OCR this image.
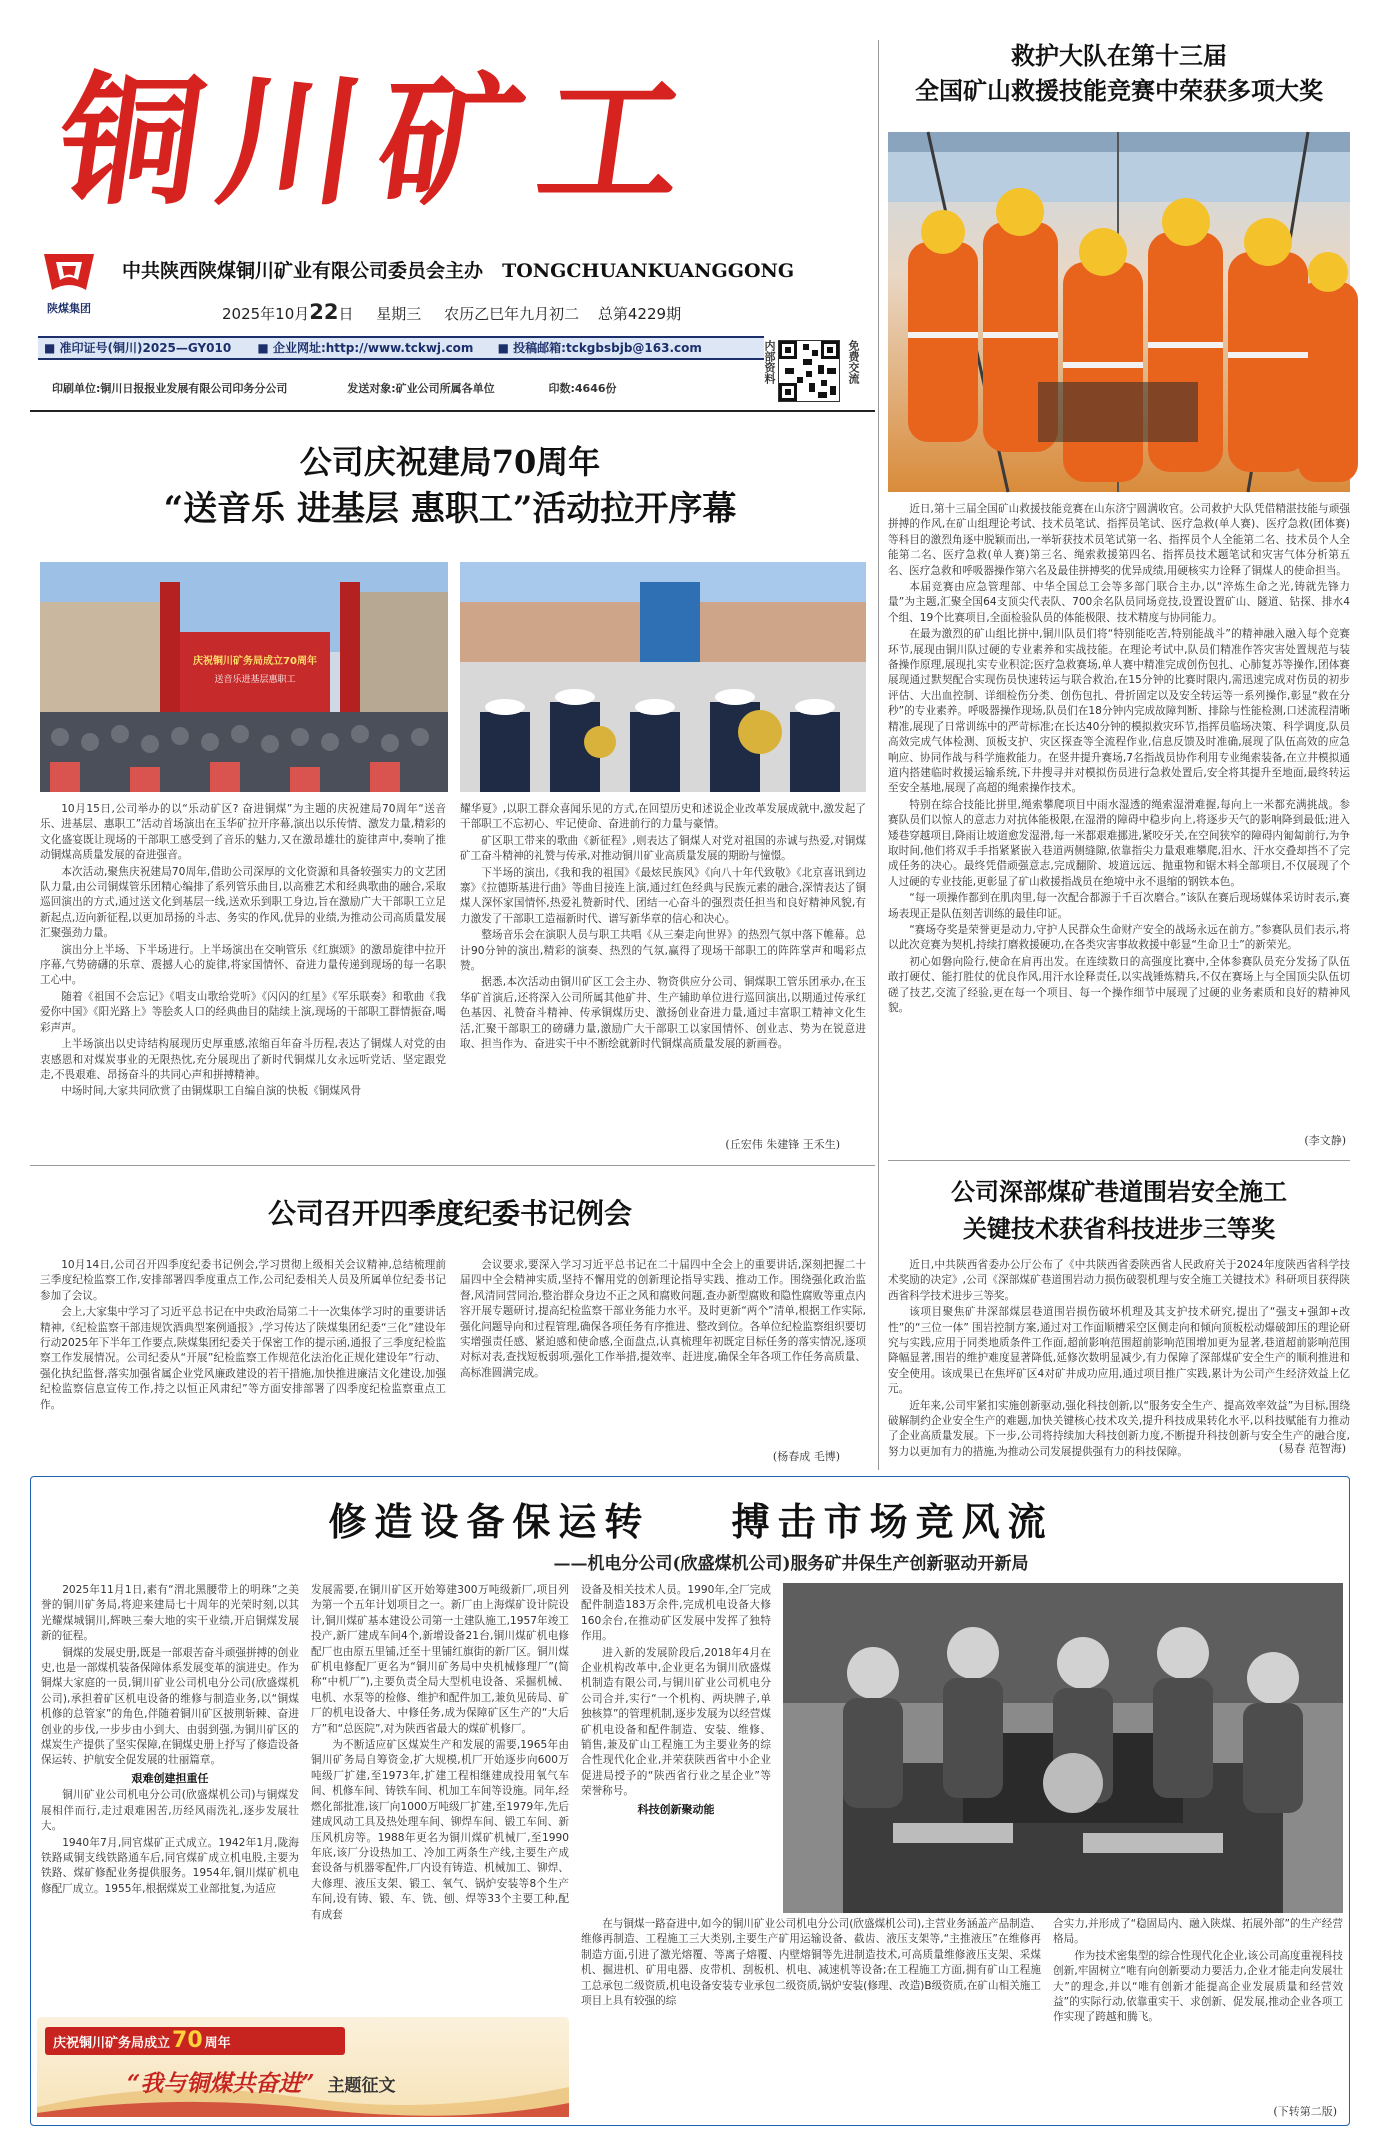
铜川矿工
陕煤集团
中共陕西陕煤铜川矿业有限公司委员会主办 TONGCHUANKUANGGONG
2025年10月22日 星期三 农历乙巳年九月初二 总第4229期
■ 准印证号(铜川)2025—GY010 ■ 企业网址:http://www.tckwj.com ■ 投稿邮箱:tckgbsbjb@163.com
印刷单位:铜川日报报业发展有限公司印务分公司	发送对象:矿业公司所属各单位	印数:4646份
内部资料	免费交流
救护大队在第十三届
全国矿山救援技能竞赛中荣获多项大奖

近日,第十三届全国矿山救援技能竞赛在山东济宁圆满收官。公司救护大队凭借精湛技能与顽强拼搏的作风,在矿山组理论考试、技术员笔试、指挥员笔试、医疗急救(单人赛)、医疗急救(团体赛)等科目的激烈角逐中脱颖而出,一举斩获技术员笔试第一名、指挥员个人全能第二名、技术员个人全能第二名、医疗急救(单人赛)第三名、绳索救援第四名、指挥员技术题笔试和灾害气体分析第五名、医疗急救和呼吸器操作第六名及最佳拼搏奖的优异成绩,用硬核实力诠释了铜煤人的使命担当。

本届竞赛由应急管理部、中华全国总工会等多部门联合主办,以“淬炼生命之光,铸就先锋力量”为主题,汇聚全国64支顶尖代表队、700余名队员同场竞技,设置设置矿山、隧道、钻探、排水4个组、19个比赛项目,全面检验队员的体能极限、技术精度与协同能力。

在最为激烈的矿山组比拼中,铜川队员们将“特别能吃苦,特别能战斗”的精神融入融入每个竞赛环节,展现由铜川队过硬的专业素养和实战技能。在理论考试中,队员们精准作答灾害处置规范与装备操作原理,展现扎实专业积淀;医疗急救赛场,单人赛中精准完成创伤包扎、心肺复苏等操作,团体赛展现通过默契配合实现伤员快速转运与联合救治,在15分钟的比赛时限内,需迅速完成对伤员的初步评估、大出血控制、详细检伤分类、创伤包扎、骨折固定以及安全转运等一系列操作,彰显“救在分秒”的专业素养。呼吸器操作现场,队员们在18分钟内完成故障判断、排除与性能检测,口述流程清晰精准,展现了日常训练中的严苛标准;在长达40分钟的模拟救灾环节,指挥员临场决策、科学调度,队员高效完成气体检测、顶板支护、灾区探查等全流程作业,信息反馈及时准确,展现了队伍高效的应急响应、协同作战与科学施救能力。在竖井提升赛场,7名指战员协作利用专业绳索装备,在立井模拟通道内搭建临时救援运输系统,下井搜寻并对模拟伤员进行急救处置后,安全将其提升至地面,最终转运至安全基地,展现了高超的绳索操作技术。

特别在综合技能比拼里,绳索攀爬项目中雨水湿透的绳索湿滑难握,每向上一米都充满挑战。参赛队员们以惊人的意志力对抗体能极限,在湿滑的障碍中稳步向上,将逐步天气的影响降到最低;进入矮巷穿越项目,降雨让坡道愈发湿滑,每一米都艰难挪进,紧咬牙关,在空间狭窄的障碍内匍匐前行,为争取时间,他们将双手手指紧紧嵌入巷道两侧缝隙,依靠指尖力量艰难攀爬,泪水、汗水交叠却挡不了完成任务的决心。最终凭借顽强意志,完成翻阶、坡道远远、抛重物和锯木料全部项目,不仅展现了个人过硬的专业技能,更彰显了矿山救援指战员在绝境中永不退缩的钢铁本色。

“每一项操作都到在肌肉里,每一次配合都源于千百次磨合。”该队在赛后现场媒体采访时表示,赛场表现正是队伍刻苦训练的最佳印证。

“赛场夺奖是荣誉更是动力,守护人民群众生命财产安全的战场永远在前方。”参赛队员们表示,将以此次竞赛为契机,持续打磨救援硬功,在各类灾害事故救援中彰显“生命卫士”的新荣光。

初心如磐向险行,使命在肩再出发。在连续数日的高强度比赛中,全体参赛队员充分发扬了队伍敢打硬仗、能打胜仗的优良作风,用汗水诠释责任,以实战锤炼精兵,不仅在赛场上与全国顶尖队伍切磋了技艺,交流了经验,更在每一个项目、每一个操作细节中展现了过硬的业务素质和良好的精神风貌。

(李文静)
公司庆祝建局70周年
“送音乐 进基层 惠职工”活动拉开序幕
庆祝铜川矿务局成立70周年
送音乐进基层惠职工

10月15日,公司举办的以“乐动矿区? 奋进铜煤”为主题的庆祝建局70周年“送音乐、进基层、惠职工”活动首场演出在玉华矿拉开序幕,演出以乐传情、激发力量,精彩的文化盛宴既让现场的干部职工感受到了音乐的魅力,又在激昂雄壮的旋律声中,奏响了推动铜煤高质量发展的奋进强音。

本次活动,聚焦庆祝建局70周年,借助公司深厚的文化资源和具备较强实力的文艺团队力量,由公司铜煤管乐团精心编排了系列管乐曲目,以高雅艺术和经典歌曲的融合,采取巡回演出的方式,通过送文化到基层一线,送欢乐到职工身边,旨在激励广大干部职工立足新起点,迈向新征程,以更加昂扬的斗志、务实的作风,优异的业绩,为推动公司高质量发展汇聚强劲力量。

演出分上半场、下半场进行。上半场演出在交响管乐《红旗颂》的激昂旋律中拉开序幕,气势磅礴的乐章、震撼人心的旋律,将家国情怀、奋进力量传递到现场的每一名职工心中。

随着《祖国不会忘记》《唱支山歌给党听》《闪闪的红星》《军乐联奏》和歌曲《我爱你中国》《阳光路上》等脍炙人口的经典曲目的陆续上演,现场的干部职工群情振奋,喝彩声声。

上半场演出以史诗结构展现历史厚重感,浓缩百年奋斗历程,表达了铜煤人对党的由衷感恩和对煤炭事业的无限热忱,充分展现出了新时代铜煤儿女永远听党话、坚定跟党走,不畏艰难、昂扬奋斗的共同心声和拼搏精神。

中场时间,大家共同欣赏了由铜煤职工自编自演的快板《铜煤风骨

耀华夏》,以职工群众喜闻乐见的方式,在回望历史和述说企业改革发展成就中,激发起了干部职工不忘初心、牢记使命、奋进前行的力量与豪情。

矿区职工带来的歌曲《新征程》,则表达了铜煤人对党对祖国的赤诚与热爱,对铜煤矿工奋斗精神的礼赞与传承,对推动铜川矿业高质量发展的期盼与憧憬。

下半场的演出,《我和我的祖国》《最炫民族风》《向八十年代致敬》《北京喜讯到边寨》《拉德斯基进行曲》等曲目接连上演,通过红色经典与民族元素的融合,深情表达了铜煤人深怀家国情怀,热爱礼赞新时代、团结一心奋斗的强烈责任担当和良好精神风貌,有力激发了干部职工造福新时代、谱写新华章的信心和决心。

整场音乐会在演职人员与职工共唱《从三秦走向世界》的热烈气氛中落下帷幕。总计90分钟的演出,精彩的演奏、热烈的气氛,赢得了现场干部职工的阵阵掌声和喝彩点赞。

据悉,本次活动由铜川矿区工会主办、物资供应分公司、铜煤职工管乐团承办,在玉华矿首演后,还将深入公司所属其他矿井、生产辅助单位进行巡回演出,以期通过传承红色基因、礼赞奋斗精神、传承铜煤历史、激扬创业奋进力量,通过丰富职工精神文化生活,汇聚干部职工的磅礴力量,激励广大干部职工以家国情怀、创业志、势为在锐意进取、担当作为、奋进实干中不断绘就新时代铜煤高质量发展的新画卷。

(丘宏伟 朱建锋 王禾生)
公司深部煤矿巷道围岩安全施工
关键技术获省科技进步三等奖

近日,中共陕西省委办公厅公布了《中共陕西省委陕西省人民政府关于2024年度陕西省科学技术奖励的决定》,公司《深部煤矿巷道围岩动力损伤破裂机理与安全施工关键技术》科研项目获得陕西省科学技术进步三等奖。

该项目聚焦矿井深部煤层巷道围岩损伤破坏机理及其支护技术研究,提出了“强支+强卸+改性”的“三位一体” 围岩控制方案,通过对工作面顺槽采空区侧走向和倾向顶板松动爆破卸压的理论研究与实践,应用于同类地质条件工作面,超前影响范围超前影响范围增加更为显著,巷道超前影响范围降幅显著,围岩的维护难度显著降低,延修次数明显减少,有力保障了深部煤矿安全生产的顺利推进和安全使用。该成果已在焦坪矿区4对矿井成功应用,通过项目推广实践,累计为公司产生经济效益上亿元。

近年来,公司牢紧扣实施创新驱动,强化科技创新,以“服务安全生产、提高效率效益”为目标,围绕破解制约企业安全生产的难题,加快关键核心技术攻关,提升科技成果转化水平,以科技赋能有力推动了企业高质量发展。下一步,公司将持续加大科技创新力度,不断提升科技创新与安全生产的融合度,努力以更加有力的措施,为推动公司发展提供强有力的科技保障。	(易春 范智海)
公司召开四季度纪委书记例会

10月14日,公司召开四季度纪委书记例会,学习贯彻上级相关会议精神,总结梳理前三季度纪检监察工作,安排部署四季度重点工作,公司纪委相关人员及所属单位纪委书记参加了会议。

会上,大家集中学习了习近平总书记在中央政治局第二十一次集体学习时的重要讲话精神,《纪检监察干部违规饮酒典型案例通报》,学习传达了陕煤集团纪委“三化”建设年行动2025年下半年工作要点,陕煤集团纪委关于保密工作的提示函,通报了三季度纪检监察工作发展情况。公司纪委从“开展”纪检监察工作规范化法治化正规化建设年”行动、强化执纪监督,落实加强省属企业党风廉政建设的若干措施,加快推进廉洁文化建设,加强纪检监察信息宣传工作,持之以恒正风肃纪”等方面安排部署了四季度纪检监察重点工作。

会议要求,要深入学习习近平总书记在二十届四中全会上的重要讲话,深刻把握二十届四中全会精神实质,坚持不懈用党的创新理论指导实践、推动工作。围绕强化政治监督,风清同营同治,整治群众身边不正之风和腐败问题,查办新型腐败和隐性腐败等重点内容开展专题研讨,提高纪检监察干部业务能力水平。及时更新“两个”清单,根据工作实际,强化问题导向和过程管理,确保各项任务有序推进、整改到位。各单位纪检监察组织要切实增强责任感、紧迫感和使命感,全面盘点,认真梳理年初既定目标任务的落实情况,逐项对标对表,查找短板弱项,强化工作举措,提效率、赶进度,确保全年各项工作任务高质量、高标准圆满完成。

(杨春成 毛博)
修造设备保运转 搏击市场竞风流
——机电分公司(欣盛煤机公司)服务矿井保生产创新驱动开新局

2025年11月1日,素有“渭北黑腰带上的明珠”之美誉的铜川矿务局,将迎来建局七十周年的光荣时刻,以其光耀煤城铜川,辉映三秦大地的实干业绩,开启铜煤发展新的征程。

铜煤的发展史册,既是一部艰苦奋斗顽强拼搏的创业史,也是一部煤机装备保障体系发展变革的演进史。作为铜煤大家庭的一员,铜川矿业公司机电分公司(欣盛煤机公司),承担着矿区机电设备的维修与制造业务,以“铜煤机修的总管家”的角色,伴随着铜川矿区披荆斩棘、奋进创业的步伐,一步步由小到大、由弱到强,为铜川矿区的煤炭生产提供了坚实保障,在铜煤史册上抒写了修造设备保运转、护航安全促发展的壮丽篇章。

艰难创建担重任

铜川矿业公司机电分公司(欣盛煤机公司)与铜煤发展相伴而行,走过艰难困苦,历经风雨洗礼,逐步发展壮大。

1940年7月,同官煤矿正式成立。1942年1月,陇海铁路咸铜支线铁路通车后,同官煤矿成立机电股,主要为铁路、煤矿修配业务提供服务。1954年,铜川煤矿机电修配厂成立。1955年,根据煤炭工业部批复,为适应

发展需要,在铜川矿区开始筹建300万吨级新厂,项目列为第一个五年计划项目之一。新厂由上海煤矿设计院设计,铜川煤矿基本建设公司第一土建队施工,1957年竣工投产,新厂建成车间4个,新增设备21台,铜川煤矿机电修配厂也由原五里铺,迁至十里铺红旗街的新厂区。铜川煤矿机电修配厂更名为“铜川矿务局中央机械修理厂”(简称“中机厂”),主要负责全局大型机电设备、采掘机械、电机、水泵等的检修、维护和配件加工,兼负见砖局、矿厂的机电设备大、中修任务,成为保障矿区生产的“大后方”和“总医院”,对为陕西省最大的煤矿机修厂。

为不断适应矿区煤炭生产和发展的需要,1965年由铜川矿务局自筹资金,扩大规模,机厂开始逐步向600万吨级厂扩建,至1973年,扩建工程相继建成投用氧气车间、机修车间、铸铁车间、机加工车间等设施。同年,经燃化部批准,该厂向1000万吨级厂扩建,至1979年,先后建成风动工具及热处理车间、铆焊车间、锻工车间、新压风机房等。1988年更名为铜川煤矿机械厂,至1990年底,该厂分设热加工、冷加工两条生产线,主要生产成套设备与机器零配件,厂内设有铸造、机械加工、铆焊、大修理、液压支架、锻工、氧气、锅炉安装等8个生产车间,设有铸、锻、车、铣、刨、焊等33个主要工种,配有成套

设备及相关技术人员。1990年,全厂完成配件制造183万余件,完成机电设备大修160余台,在推动矿区发展中发挥了独特作用。

进入新的发展阶段后,2018年4月在企业机构改革中,企业更名为铜川欣盛煤机制造有限公司,与铜川矿业公司机电分公司合并,实行“一个机构、两块牌子,单独核算”的管理机制,逐步发展为以经营煤矿机电设备和配件制造、安装、维修、销售,兼及矿山工程施工为主要业务的综合性现代化企业,并荣获陕西省中小企业促进局授予的“陕西省行业之星企业”等荣誉称号。

科技创新聚动能

在与铜煤一路奋进中,如今的铜川矿业公司机电分公司(欣盛煤机公司),主营业务涵盖产品制造、维修再制造、工程施工三大类别,主要生产矿用运输设备、截齿、液压支架等,“主推液压”在维修再制造方面,引进了激光熔覆、等离子熔覆、内壁熔铜等先进制造技术,可高质量维修液压支架、采煤机、掘进机、矿用电器、皮带机、刮板机、机电、减速机等设备;在工程施工方面,拥有矿山工程施工总承包二级资质,机电设备安装专业承包二级资质,锅炉安装(修理、改造)B级资质,在矿山相关施工项目上具有较强的综

合实力,并形成了“稳固局内、融入陕煤、拓展外部”的生产经营格局。

作为技术密集型的综合性现代化企业,该公司高度重视科技创新,牢固树立“唯有向创新要动力要活力,企业才能走向发展壮大”的理念,并以“唯有创新才能提高企业发展质量和经营效益”的实际行动,依靠重实干、求创新、促发展,推动企业各项工作实现了跨越和腾飞。

(下转第二版)
庆祝铜川矿务局成立70 周年
“我与铜煤共奋进” 主题征文
